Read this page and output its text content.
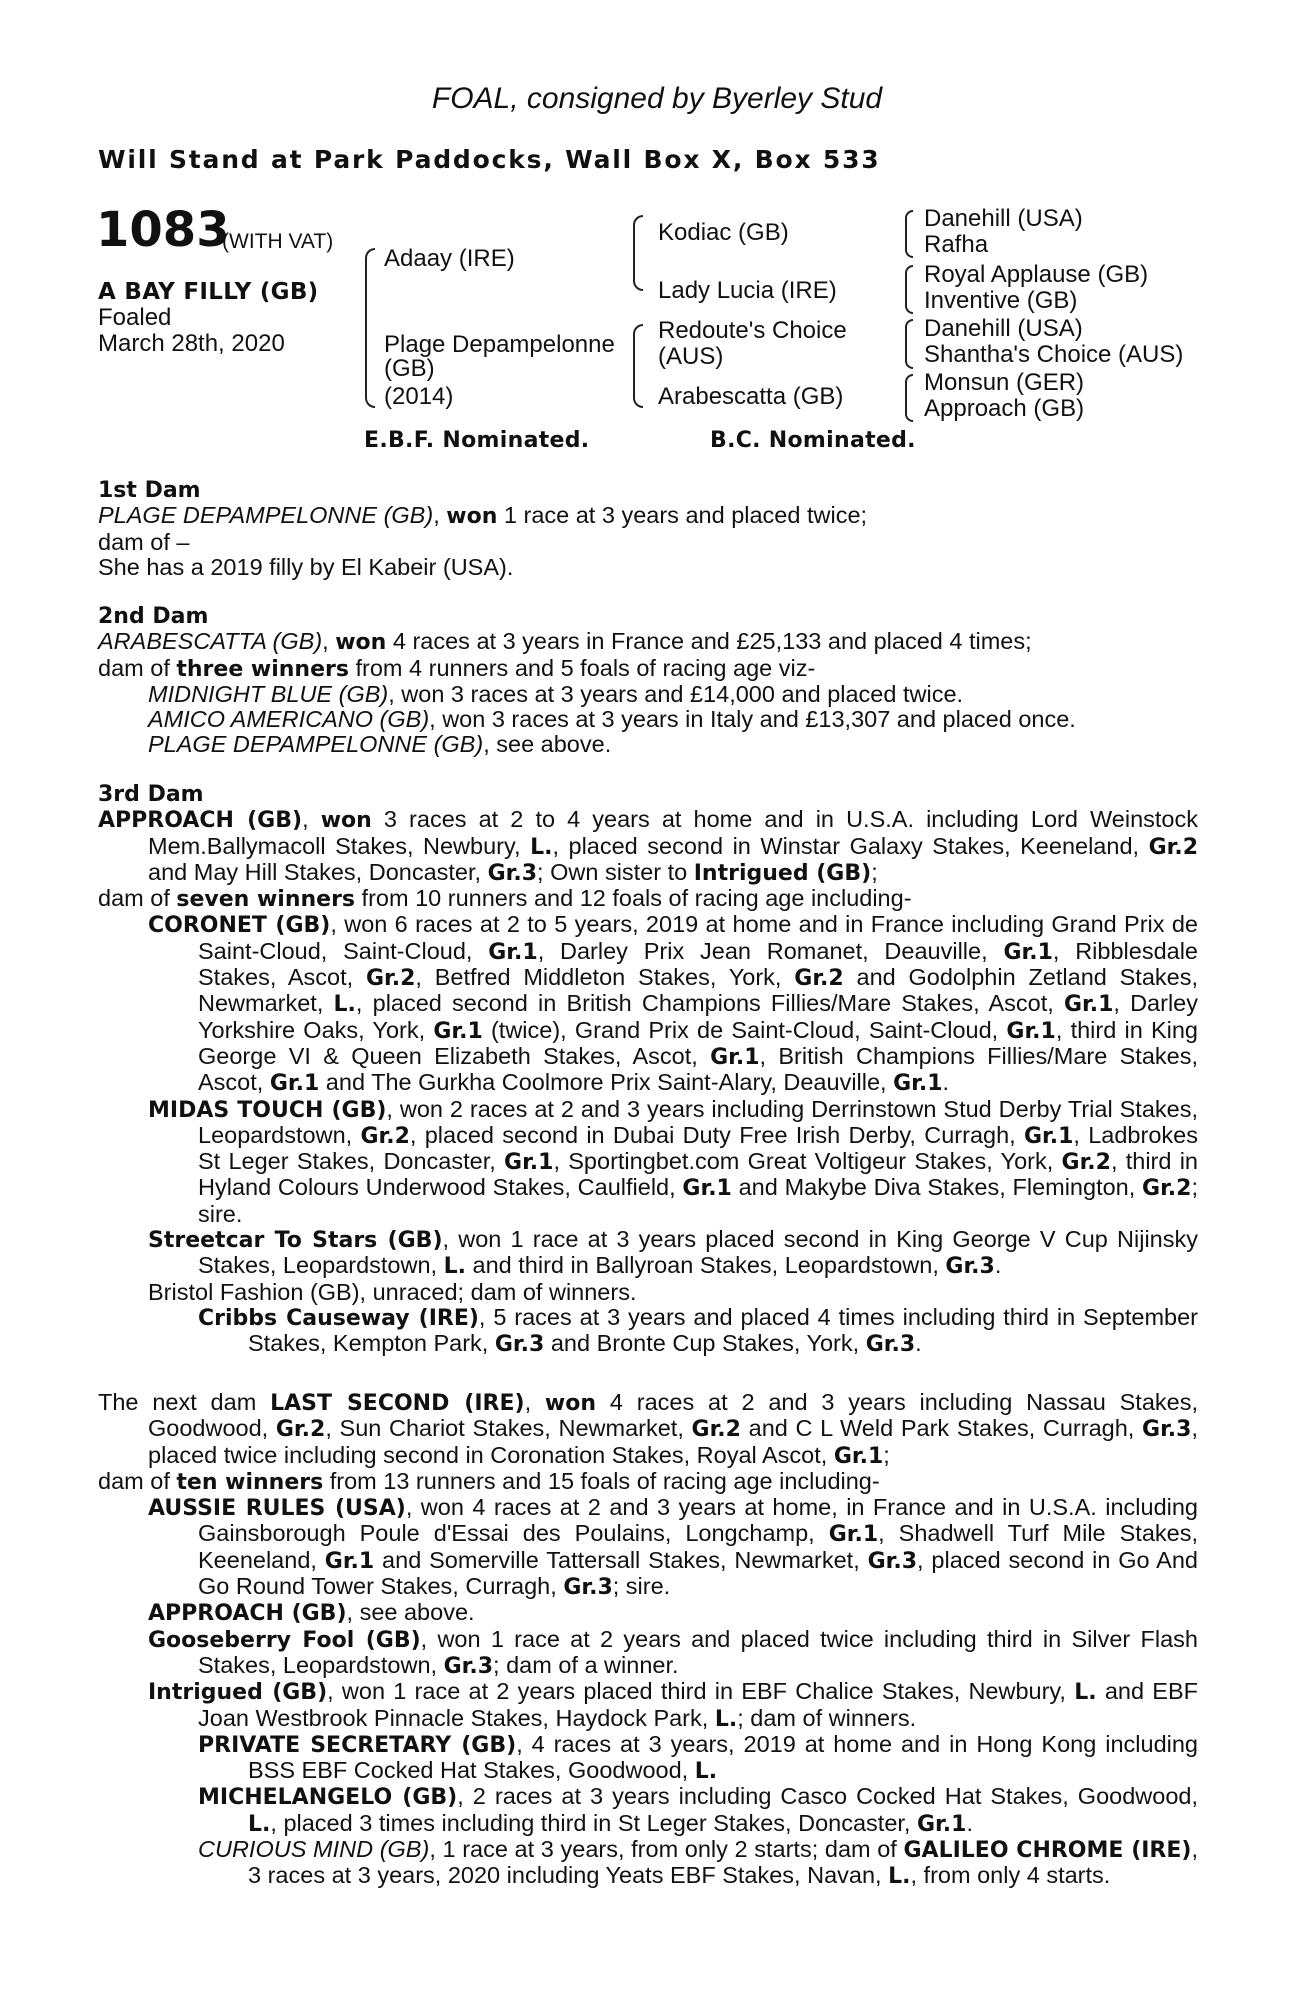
FOAL, consigned by Byerley Stud
Will Stand at Park Paddocks, Wall Box X, Box 533
1083
(WITH VAT)
A BAY FILLY (GB)
Foaled
March 28th, 2020
Adaay (IRE)
Plage Depampelonne
(GB)
(2014)
Kodiac (GB)
Lady Lucia (IRE)
Redoute's Choice
(AUS)
Arabescatta (GB)
Danehill (USA)
Rafha
Royal Applause (GB)
Inventive (GB)
Danehill (USA)
Shantha's Choice (AUS)
Monsun (GER)
Approach (GB)
E.B.F. Nominated.	B.C. Nominated.

1st Dam

PLAGE DEPAMPELONNE (GB), won 1 race at 3 years and placed twice;

dam of –

She has a 2019 filly by El Kabeir (USA).

2nd Dam

ARABESCATTA (GB), won 4 races at 3 years in France and £25,133 and placed 4 times;

dam of three winners from 4 runners and 5 foals of racing age viz-

MIDNIGHT BLUE (GB), won 3 races at 3 years and £14,000 and placed twice.

AMICO AMERICANO (GB), won 3 races at 3 years in Italy and £13,307 and placed once.

PLAGE DEPAMPELONNE (GB), see above.

3rd Dam

APPROACH (GB), won 3 races at 2 to 4 years at home and in U.S.A. including Lord Weinstock Mem.Ballymacoll Stakes, Newbury, L., placed second in Winstar Galaxy Stakes, Keeneland, Gr.2 and May Hill Stakes, Doncaster, Gr.3; Own sister to Intrigued (GB);

dam of seven winners from 10 runners and 12 foals of racing age including-

CORONET (GB), won 6 races at 2 to 5 years, 2019 at home and in France including Grand Prix de Saint-Cloud, Saint-Cloud, Gr.1, Darley Prix Jean Romanet, Deauville, Gr.1, Ribblesdale Stakes, Ascot, Gr.2, Betfred Middleton Stakes, York, Gr.2 and Godolphin Zetland Stakes, Newmarket, L., placed second in British Champions Fillies/Mare Stakes, Ascot, Gr.1, Darley Yorkshire Oaks, York, Gr.1 (twice), Grand Prix de Saint-Cloud, Saint-Cloud, Gr.1, third in King George VI & Queen Elizabeth Stakes, Ascot, Gr.1, British Champions Fillies/Mare Stakes, Ascot, Gr.1 and The Gurkha Coolmore Prix Saint-Alary, Deauville, Gr.1.

MIDAS TOUCH (GB), won 2 races at 2 and 3 years including Derrinstown Stud Derby Trial Stakes, Leopardstown, Gr.2, placed second in Dubai Duty Free Irish Derby, Curragh, Gr.1, Ladbrokes St Leger Stakes, Doncaster, Gr.1, Sportingbet.com Great Voltigeur Stakes, York, Gr.2, third in Hyland Colours Underwood Stakes, Caulfield, Gr.1 and Makybe Diva Stakes, Flemington, Gr.2; sire.

Streetcar To Stars (GB), won 1 race at 3 years placed second in King George V Cup Nijinsky Stakes, Leopardstown, L. and third in Ballyroan Stakes, Leopardstown, Gr.3.

Bristol Fashion (GB), unraced; dam of winners.

Cribbs Causeway (IRE), 5 races at 3 years and placed 4 times including third in September Stakes, Kempton Park, Gr.3 and Bronte Cup Stakes, York, Gr.3.

The next dam LAST SECOND (IRE), won 4 races at 2 and 3 years including Nassau Stakes, Goodwood, Gr.2, Sun Chariot Stakes, Newmarket, Gr.2 and C L Weld Park Stakes, Curragh, Gr.3, placed twice including second in Coronation Stakes, Royal Ascot, Gr.1;

dam of ten winners from 13 runners and 15 foals of racing age including-

AUSSIE RULES (USA), won 4 races at 2 and 3 years at home, in France and in U.S.A. including Gainsborough Poule d'Essai des Poulains, Longchamp, Gr.1, Shadwell Turf Mile Stakes, Keeneland, Gr.1 and Somerville Tattersall Stakes, Newmarket, Gr.3, placed second in Go And Go Round Tower Stakes, Curragh, Gr.3; sire.

APPROACH (GB), see above.

Gooseberry Fool (GB), won 1 race at 2 years and placed twice including third in Silver Flash Stakes, Leopardstown, Gr.3; dam of a winner.

Intrigued (GB), won 1 race at 2 years placed third in EBF Chalice Stakes, Newbury, L. and EBF Joan Westbrook Pinnacle Stakes, Haydock Park, L.; dam of winners.

PRIVATE SECRETARY (GB), 4 races at 3 years, 2019 at home and in Hong Kong including BSS EBF Cocked Hat Stakes, Goodwood, L.

MICHELANGELO (GB), 2 races at 3 years including Casco Cocked Hat Stakes, Goodwood, L., placed 3 times including third in St Leger Stakes, Doncaster, Gr.1.

CURIOUS MIND (GB), 1 race at 3 years, from only 2 starts; dam of GALILEO CHROME (IRE), 3 races at 3 years, 2020 including Yeats EBF Stakes, Navan, L., from only 4 starts.
